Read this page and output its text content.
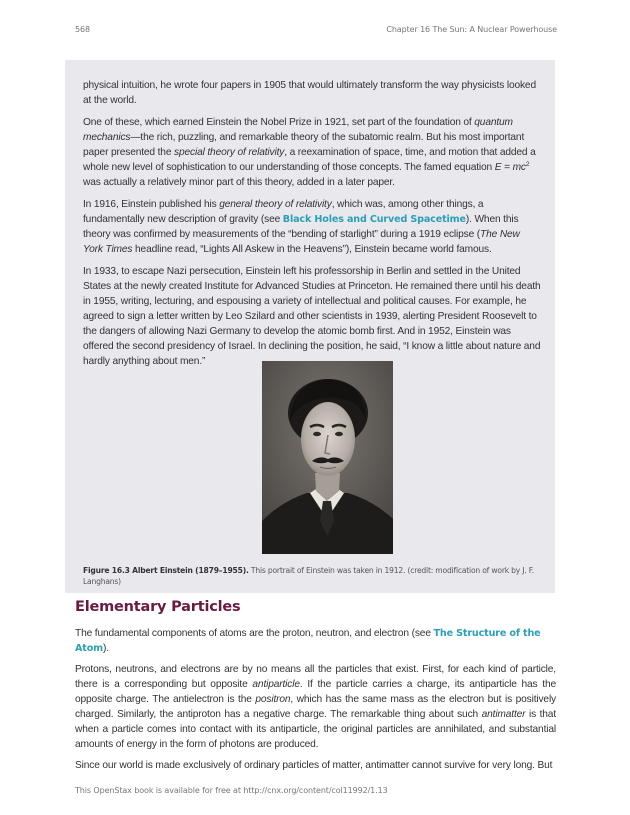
568	Chapter 16 The Sun: A Nuclear Powerhouse

physical intuition, he wrote four papers in 1905 that would ultimately transform the way physicists looked at the world.

One of these, which earned Einstein the Nobel Prize in 1921, set part of the foundation of quantum mechanics—the rich, puzzling, and remarkable theory of the subatomic realm. But his most important paper presented the special theory of relativity, a reexamination of space, time, and motion that added a whole new level of sophistication to our understanding of those concepts. The famed equation $E = mc^2$ was actually a relatively minor part of this theory, added in a later paper.

In 1916, Einstein published his general theory of relativity, which was, among other things, a fundamentally new description of gravity (see Black Holes and Curved Spacetime). When this theory was confirmed by measurements of the “bending of starlight” during a 1919 eclipse (The New York Times headline read, “Lights All Askew in the Heavens”), Einstein became world famous.

In 1933, to escape Nazi persecution, Einstein left his professorship in Berlin and settled in the United States at the newly created Institute for Advanced Studies at Princeton. He remained there until his death in 1955, writing, lecturing, and espousing a variety of intellectual and political causes. For example, he agreed to sign a letter written by Leo Szilard and other scientists in 1939, alerting President Roosevelt to the dangers of allowing Nazi Germany to develop the atomic bomb first. And in 1952, Einstein was offered the second presidency of Israel. In declining the position, he said, “I know a little about nature and hardly anything about men.”

Figure 16.3 Albert Einstein (1879–1955). This portrait of Einstein was taken in 1912. (credit: modification of work by J. F. Langhans)
Elementary Particles

The fundamental components of atoms are the proton, neutron, and electron (see The Structure of the Atom).

Protons, neutrons, and electrons are by no means all the particles that exist. First, for each kind of particle, there is a corresponding but opposite antiparticle. If the particle carries a charge, its antiparticle has the opposite charge. The antielectron is the positron, which has the same mass as the electron but is positively charged. Similarly, the antiproton has a negative charge. The remarkable thing about such antimatter is that when a particle comes into contact with its antiparticle, the original particles are annihilated, and substantial amounts of energy in the form of photons are produced.

Since our world is made exclusively of ordinary particles of matter, antimatter cannot survive for very long. But

This OpenStax book is available for free at http://cnx.org/content/col11992/1.13
